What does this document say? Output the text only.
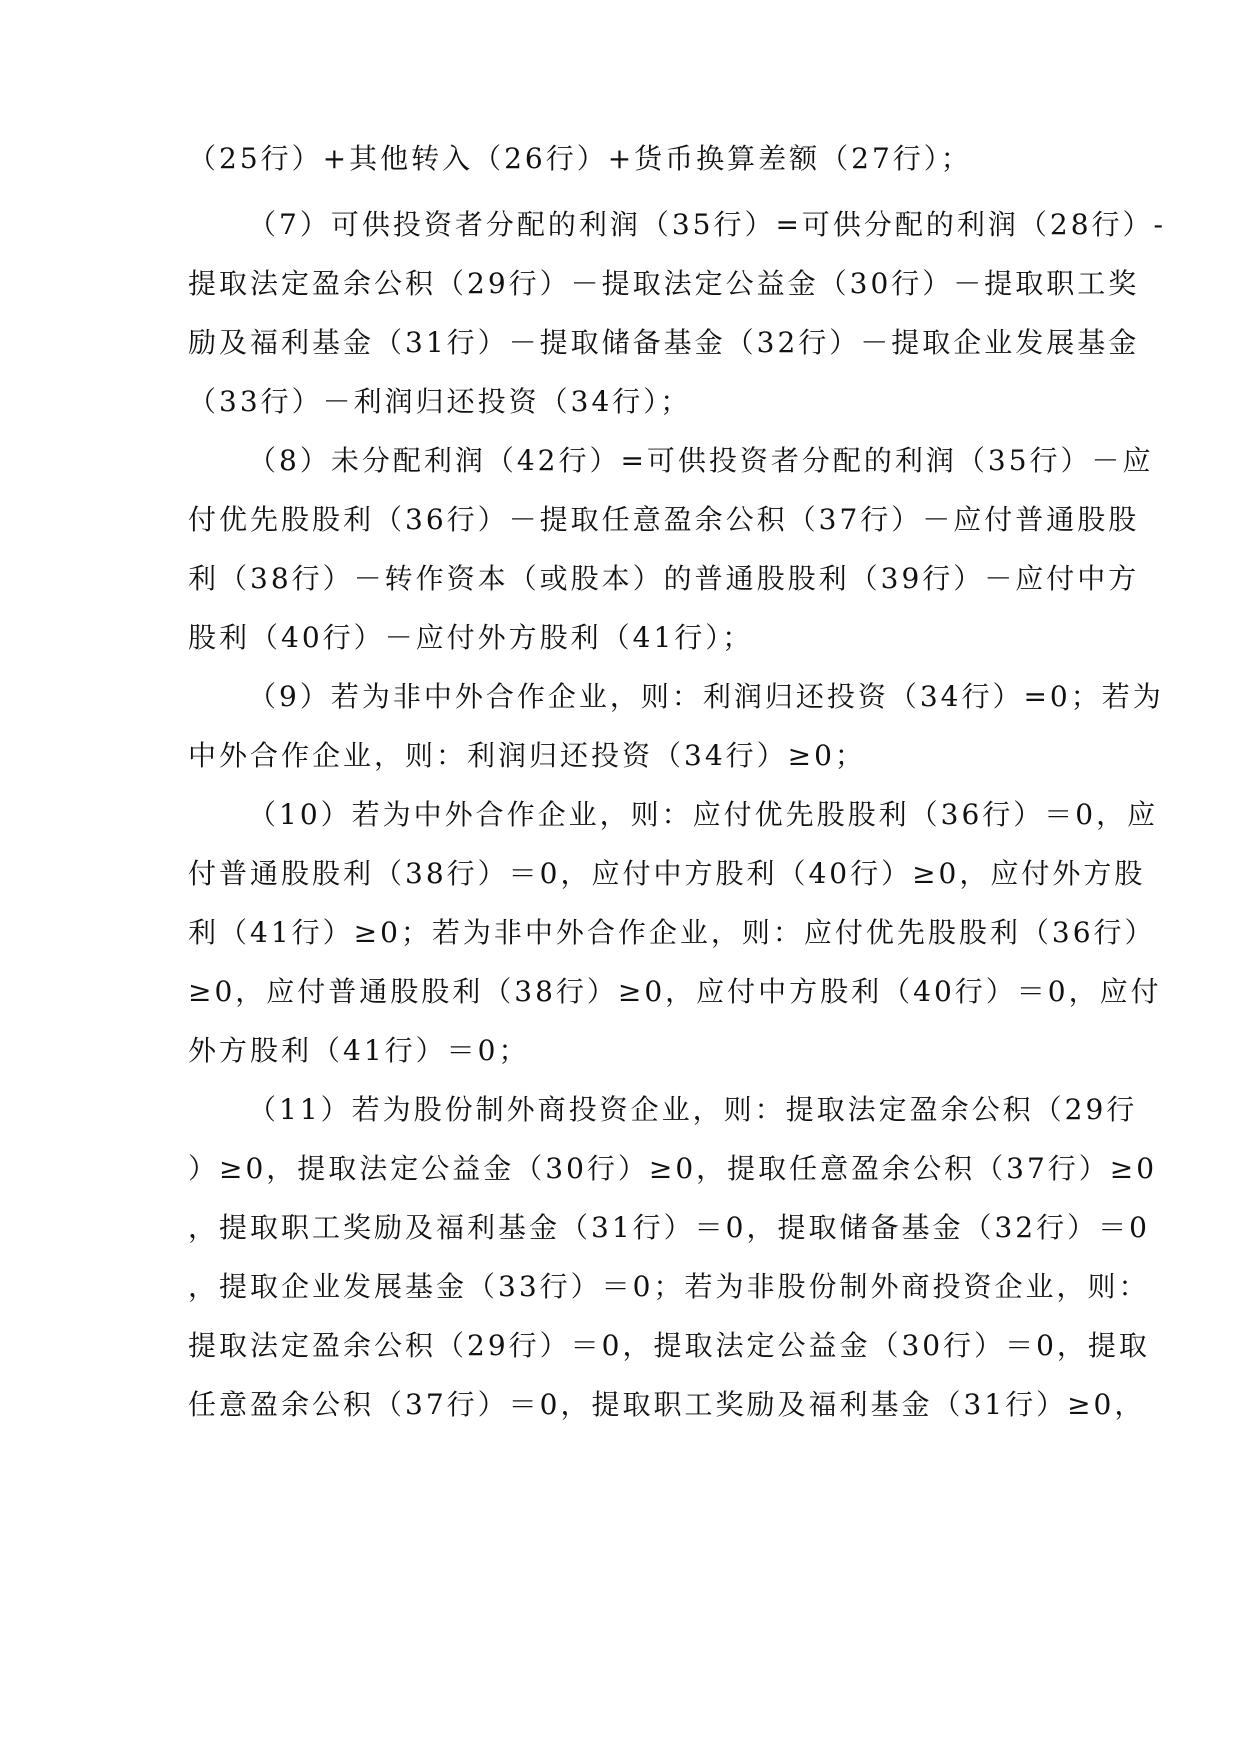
（25行）+其他转入（26行）+货币换算差额（27行）；
（7）可供投资者分配的利润（35行）=可供分配的利润（28行）-
提取法定盈余公积（29行）－提取法定公益金（30行）－提取职工奖
励及福利基金（31行）－提取储备基金（32行）－提取企业发展基金
（33行）－利润归还投资（34行）；
（8）未分配利润（42行）=可供投资者分配的利润（35行）－应
付优先股股利（36行）－提取任意盈余公积（37行）－应付普通股股
利（38行）－转作资本（或股本）的普通股股利（39行）－应付中方
股利（40行）－应付外方股利（41行）；
（9）若为非中外合作企业，则：利润归还投资（34行）=0；若为
中外合作企业，则：利润归还投资（34行）≥0；
（10）若为中外合作企业，则：应付优先股股利（36行）＝0，应
付普通股股利（38行）＝0，应付中方股利（40行）≥0，应付外方股
利（41行）≥0；若为非中外合作企业，则：应付优先股股利（36行）
≥0，应付普通股股利（38行）≥0，应付中方股利（40行）＝0，应付
外方股利（41行）＝0；
（11）若为股份制外商投资企业，则：提取法定盈余公积（29行
）≥0，提取法定公益金（30行）≥0，提取任意盈余公积（37行）≥0
，提取职工奖励及福利基金（31行）＝0，提取储备基金（32行）＝0
，提取企业发展基金（33行）＝0；若为非股份制外商投资企业，则：
提取法定盈余公积（29行）＝0，提取法定公益金（30行）＝0，提取
任意盈余公积（37行）＝0，提取职工奖励及福利基金（31行）≥0，
